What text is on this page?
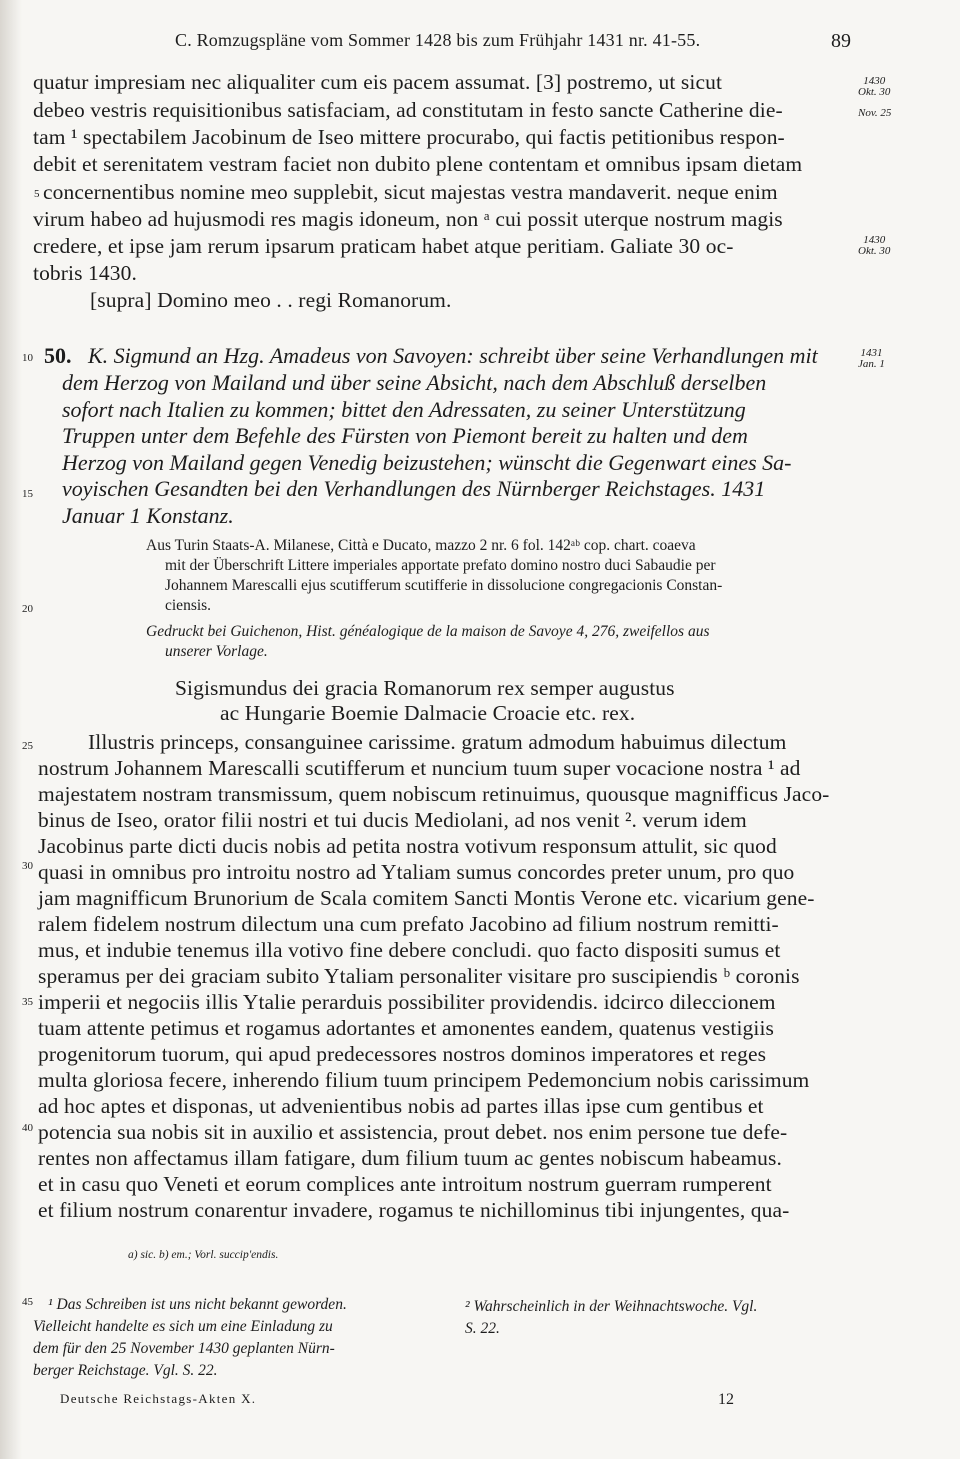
C. Romzugspläne vom Sommer 1428 bis zum Frühjahr 1431 nr. 41-55.	89
quatur impresiam nec aliqualiter cum eis pacem assumat. [3] postremo, ut sicut
debeo vestris requisitionibus satisfaciam, ad constitutam in festo sancte Catherine die-
tam ¹ spectabilem Jacobinum de Iseo mittere procurabo, qui factis petitionibus respon-
debit et serenitatem vestram faciet non dubito plene contentam et omnibus ipsam dietam
concernentibus nomine meo supplebit, sicut majestas vestra mandaverit. neque enim
virum habeo ad hujusmodi res magis idoneum, non ᵃ cui possit uterque nostrum magis
credere, et ipse jam rerum ipsarum praticam habet atque peritiam. Galiate 30 oc-
tobris 1430.
[supra] Domino meo . . regi Romanorum.
1430
Okt. 30
Nov. 25
1430
Okt. 30
1431
Jan. 1
5
10
15
20
25
30
35
40
45
50. K. Sigmund an Hzg. Amadeus von Savoyen: schreibt über seine Verhandlungen mit
dem Herzog von Mailand und über seine Absicht, nach dem Abschluß derselben
sofort nach Italien zu kommen; bittet den Adressaten, zu seiner Unterstützung
Truppen unter dem Befehle des Fürsten von Piemont bereit zu halten und dem
Herzog von Mailand gegen Venedig beizustehen; wünscht die Gegenwart eines Sa-
voyischen Gesandten bei den Verhandlungen des Nürnberger Reichstages. 1431
Januar 1 Konstanz.
Aus Turin Staats-A. Milanese, Città e Ducato, mazzo 2 nr. 6 fol. 142ᵃᵇ cop. chart. coaeva
mit der Überschrift Littere imperiales apportate prefato domino nostro duci Sabaudie per
Johannem Marescalli ejus scutifferum scutifferie in dissolucione congregacionis Constan-
ciensis.
Gedruckt bei Guichenon, Hist. généalogique de la maison de Savoye 4, 276, zweifellos aus
unserer Vorlage.
Sigismundus dei gracia Romanorum rex semper augustus
ac Hungarie Boemie Dalmacie Croacie etc. rex.
Illustris princeps, consanguinee carissime. gratum admodum habuimus dilectum
nostrum Johannem Marescalli scutifferum et nuncium tuum super vocacione nostra ¹ ad
majestatem nostram transmissum, quem nobiscum retinuimus, quousque magnifficus Jaco-
binus de Iseo, orator filii nostri et tui ducis Mediolani, ad nos venit ². verum idem
Jacobinus parte dicti ducis nobis ad petita nostra votivum responsum attulit, sic quod
quasi in omnibus pro introitu nostro ad Ytaliam sumus concordes preter unum, pro quo
jam magnifficum Brunorium de Scala comitem Sancti Montis Verone etc. vicarium gene-
ralem fidelem nostrum dilectum una cum prefato Jacobino ad filium nostrum remitti-
mus, et indubie tenemus illa votivo fine debere concludi. quo facto dispositi sumus et
speramus per dei graciam subito Ytaliam personaliter visitare pro suscipiendis ᵇ coronis
imperii et negociis illis Ytalie perarduis possibiliter providendis. idcirco dileccionem
tuam attente petimus et rogamus adortantes et amonentes eandem, quatenus vestigiis
progenitorum tuorum, qui apud predecessores nostros dominos imperatores et reges
multa gloriosa fecere, inherendo filium tuum principem Pedemoncium nobis carissimum
ad hoc aptes et disponas, ut advenientibus nobis ad partes illas ipse cum gentibus et
potencia sua nobis sit in auxilio et assistencia, prout debet. nos enim persone tue defe-
rentes non affectamus illam fatigare, dum filium tuum ac gentes nobiscum habeamus.
et in casu quo Veneti et eorum complices ante introitum nostrum guerram rumperent
et filium nostrum conarentur invadere, rogamus te nichillominus tibi injungentes, qua-
a) sic. b) em.; Vorl. succip'endis.
¹ Das Schreiben ist uns nicht bekannt geworden.
Vielleicht handelte es sich um eine Einladung zu
dem für den 25 November 1430 geplanten Nürn-
berger Reichstage. Vgl. S. 22.
² Wahrscheinlich in der Weihnachtswoche. Vgl.
S. 22.
Deutsche Reichstags-Akten X.	12
